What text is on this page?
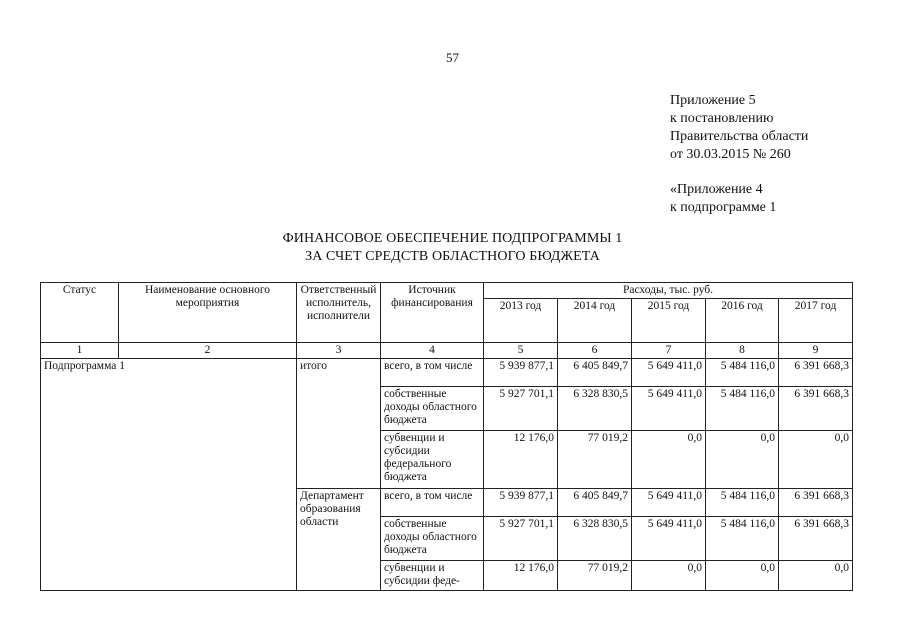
57
Приложение 5
к постановлению
Правительства области
от 30.03.2015 № 260
«Приложение 4
к подпрограмме 1
ФИНАНСОВОЕ ОБЕСПЕЧЕНИЕ ПОДПРОГРАММЫ 1
ЗА СЧЕТ СРЕДСТВ ОБЛАСТНОГО БЮДЖЕТА
Статус	Наименование основного мероприятия	Ответственный исполнитель, исполнители	Источник финансирования	Расходы, тыс. руб.				
				2013 год	2014 год	2015 год	2016 год	2017 год
1	2	3	4	5	6	7	8	9
Подпрограмма 1		итого	всего, в том числе	5 939 877,1	6 405 849,7	5 649 411,0	5 484 116,0	6 391 668,3
			собственные доходы областного бюджета	5 927 701,1	6 328 830,5	5 649 411,0	5 484 116,0	6 391 668,3
			субвенции и субсидии федерального бюджета	12 176,0	77 019,2	0,0	0,0	0,0
		Департамент образования области	всего, в том числе	5 939 877,1	6 405 849,7	5 649 411,0	5 484 116,0	6 391 668,3
			собственные доходы областного бюджета	5 927 701,1	6 328 830,5	5 649 411,0	5 484 116,0	6 391 668,3
			субвенции и субсидии феде-	12 176,0	77 019,2	0,0	0,0	0,0
